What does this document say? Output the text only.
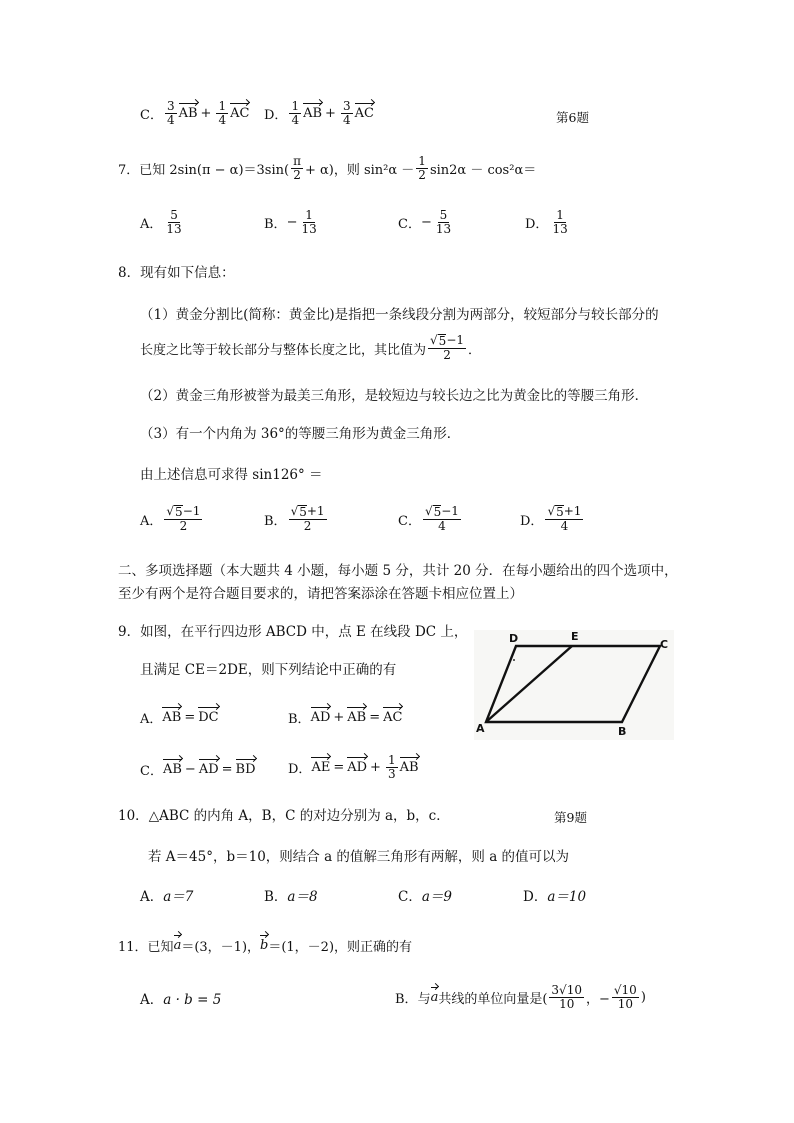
C． $\frac{3}{4}$ AB + $\frac{1}{4}$ AC D． $\frac{1}{4}$ AB + $\frac{3}{4}$ AC	第6题
7． 已知 $2\sin(\pi - \alpha)=3\sin( \frac{\pi}{2} + \alpha)$，则 $\sin^2\alpha - \frac{1}{2} \sin 2\alpha - \cos^2\alpha=$
A． $\frac{5}{13}$	B． − $\frac{1}{13}$	C． − $\frac{5}{13}$	D． $\frac{1}{13}$
8．现有如下信息：
（1）黄金分割比(简称：黄金比)是指把一条线段分割为两部分，较短部分与较长部分的
长度之比等于较长部分与整体长度之比，其比值为 $\frac{√ 5 -1}{2}$ ．
（2）黄金三角形被誉为最美三角形，是较短边与较长边之比为黄金比的等腰三角形．
（3）有一个内角为 36°的等腰三角形为黄金三角形．
由上述信息可求得 sin126° ＝
A． $\frac{√ 5 -1}{2}$	B． $\frac{√ 5 +1}{2}$	C． $\frac{√ 5 -1}{4}$	D． $\frac{√ 5 +1}{4}$
二、多项选择题（本大题共 4 小题，每小题 5 分，共计 20 分．在每小题给出的四个选项中，
至少有两个是符合题目要求的，请把答案添涂在答题卡相应位置上）
9．如图，在平行四边形 ABCD 中，点 E 在线段 DC 上，
且满足 CE＝2DE，则下列结论中正确的有
A． AB = DC	B． AD + AB = AC
C． AB − AD = BD D． AE = AD + $\frac{1}{3}$ AB
D	E
C
A	B
10．△ABC 的内角 A，B，C 的对边分别为 a，b，c．	第9题
若 A＝45°，b＝10，则结合 a 的值解三角形有两解，则 a 的值可以为
A．a＝7	B．a＝8	C．a＝9	D．a＝10
11． 已知 a ＝(3，－1)， b ＝(1，－2)，则正确的有
A．a · b = 5	B． 与 a 共线的单位向量是( $\frac{3√10}{10}$ ，− $\frac{√10}{10}$ )
